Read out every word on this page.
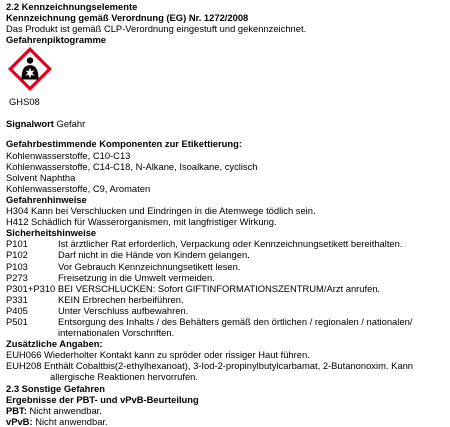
2.2 Kennzeichnungselemente
Kennzeichnung gemäß Verordnung (EG) Nr. 1272/2008
Das Produkt ist gemäß CLP-Verordnung eingestuft und gekennzeichnet.
Gefahrenpiktogramme
GHS08
Signalwort Gefahr
Gefahrbestimmende Komponenten zur Etikettierung:
Kohlenwasserstoffe, C10-C13
Kohlenwasserstoffe, C14-C18, N-Alkane, Isoalkane, cyclisch
Solvent Naphtha
Kohlenwasserstoffe, C9, Aromaten
Gefahrenhinweise
H304 Kann bei Verschlucken und Eindringen in die Atemwege tödlich sein.
H412 Schädlich für Wasserorganismen, mit langfristiger Wirkung.
Sicherheitshinweise
P101	Ist ärztlicher Rat erforderlich, Verpackung oder Kennzeichnungsetikett bereithalten.
P102	Darf nicht in die Hände von Kindern gelangen.
P103	Vor Gebrauch Kennzeichnungsetikett lesen.
P273	Freisetzung in die Umwelt vermeiden.
P301+P310 BEI VERSCHLUCKEN: Sofort GIFTINFORMATIONSZENTRUM/Arzt anrufen.
P331	KEIN Erbrechen herbeiführen.
P405	Unter Verschluss aufbewahren.
P501	Entsorgung des Inhalts / des Behälters gemäß den örtlichen / regionalen / nationalen/
internationalen Vorschriften.
Zusätzliche Angaben:
EUH066 Wiederholter Kontakt kann zu spröder oder rissiger Haut führen.
EUH208 Enthält Cobaltbis(2-ethylhexanoat), 3-Iod-2-propinylbutylcarbamat, 2-Butanonoxim. Kann
allergische Reaktionen hervorrufen.
2.3 Sonstige Gefahren
Ergebnisse der PBT- und vPvB-Beurteilung
PBT: Nicht anwendbar.
vPvB: Nicht anwendbar.
